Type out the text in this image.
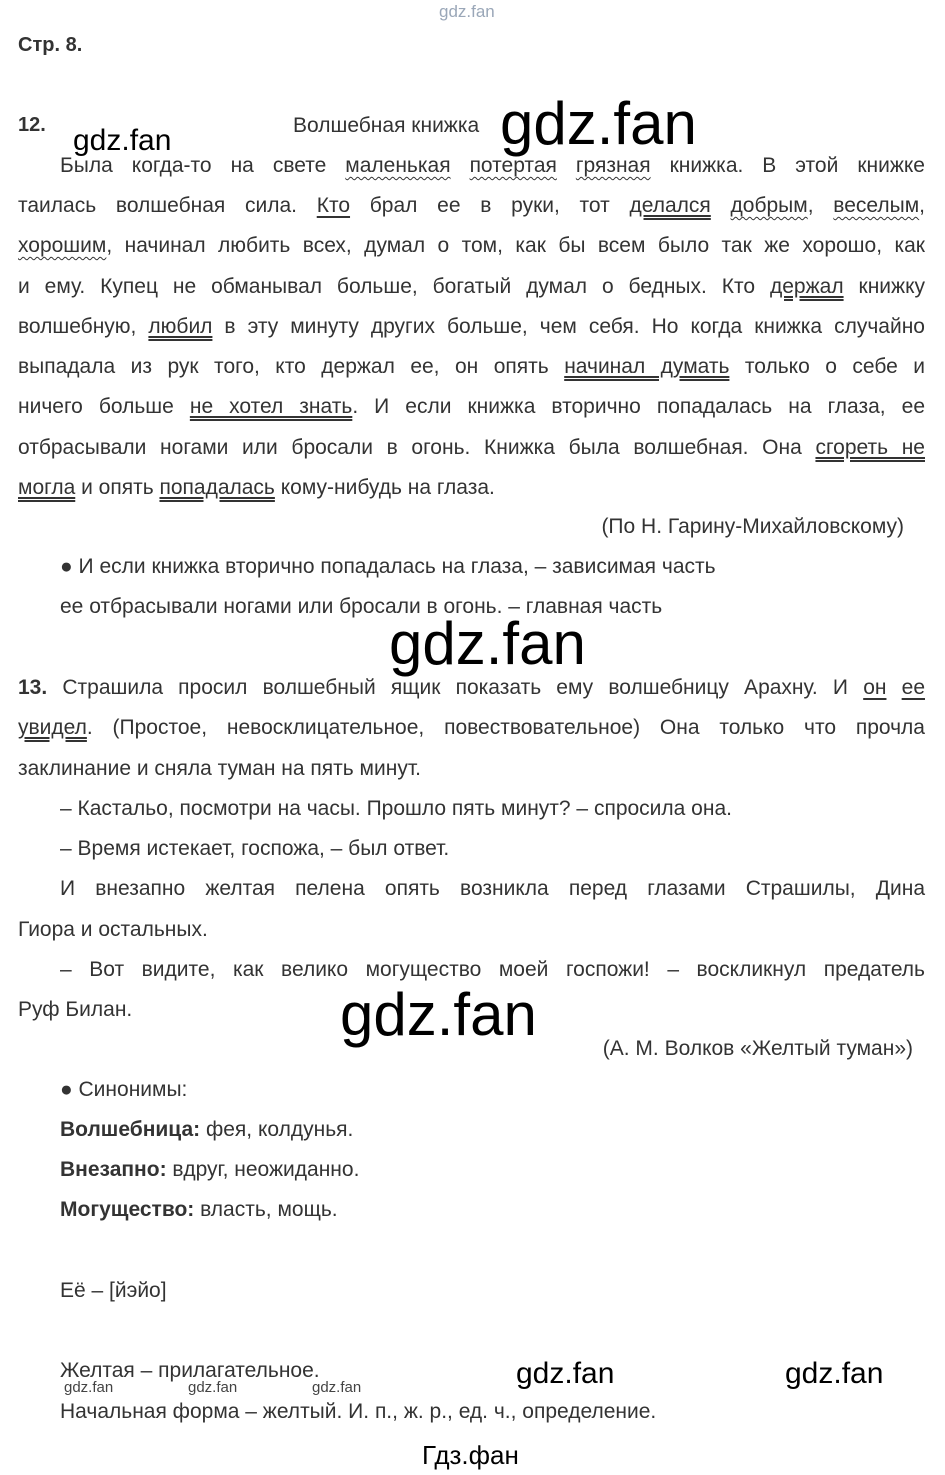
gdz.fan
Стр. 8.
12.	Волшебная книжка
gdz.fan	gdz.fan
Была когда-то на свете маленькая потертая грязная книжка. В этой книжке
таилась волшебная сила. Кто брал ее в руки, тот делался добрым, веселым,
хорошим, начинал любить всех, думал о том, как бы всем было так же хорошо, как
и ему. Купец не обманывал больше, богатый думал о бедных. Кто держал книжку
волшебную, любил в эту минуту других больше, чем себя. Но когда книжка случайно
выпадала из рук того, кто держал ее, он опять начинал думать только о себе и
ничего больше не хотел знать. И если книжка вторично попадалась на глаза, ее
отбрасывали ногами или бросали в огонь. Книжка была волшебная. Она сгореть не
могла и опять попадалась кому-нибудь на глаза.
(По Н. Гарину-Михайловскому)
● И если книжка вторично попадалась на глаза, – зависимая часть
ее отбрасывали ногами или бросали в огонь. – главная часть
gdz.fan
13. Страшила просил волшебный ящик показать ему волшебницу Арахну. И он ее
увидел. (Простое, невосклицательное, повествовательное) Она только что прочла
заклинание и сняла туман на пять минут.
– Кастальо, посмотри на часы. Прошло пять минут? – спросила она.
– Время истекает, госпожа, – был ответ.
И внезапно желтая пелена опять возникла перед глазами Страшилы, Дина
Гиора и остальных.
– Вот видите, как велико могущество моей госпожи! – воскликнул предатель
Руф Билан.	gdz.fan
(А. М. Волков «Желтый туман»)
● Синонимы:
Волшебница: фея, колдунья.
Внезапно: вдруг, неожиданно.
Могущество: власть, мощь.
Её – [йэйо]
Желтая – прилагательное.
gdz.fan	gdz.fan	gdz.fan	gdz.fan	gdz.fan
Начальная форма – желтый. И. п., ж. р., ед. ч., определение.
Гдз.фан
